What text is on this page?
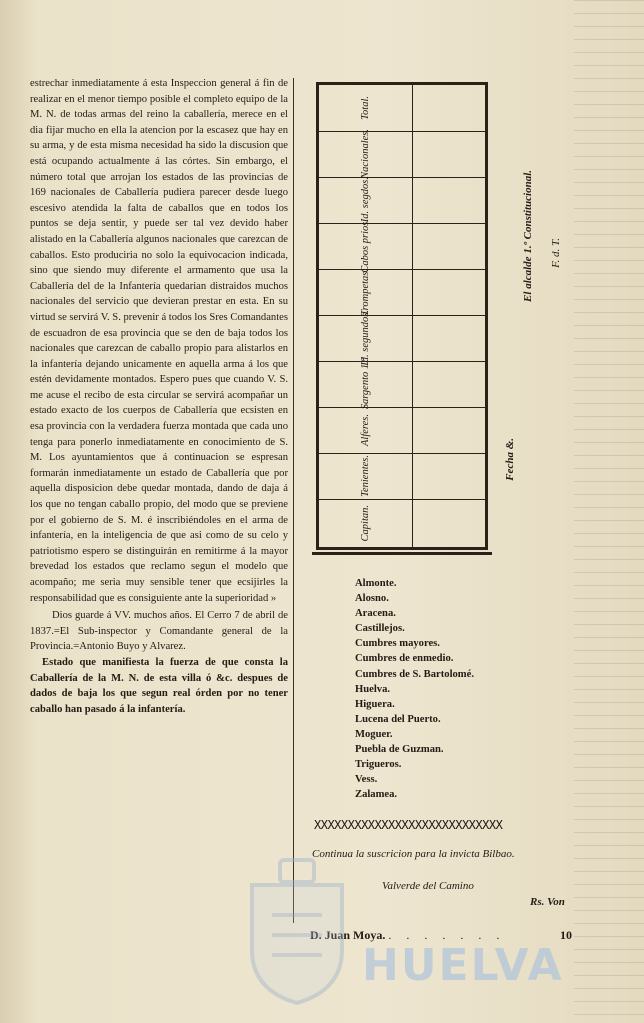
estrechar inmediatamente á esta Inspeccion general á fin de realizar en el menor tiempo posible el completo equipo de la M. N. de todas armas del reino la caballería, merece en el dia fijar mucho en ella la atencion por la escasez que hay en su arma, y de esta misma necesidad ha sido la discusion que está ocupando actualmente á las córtes. Sin embargo, el número total que arrojan los estados de las provincias de 169 nacionales de Caballería pudiera parecer desde luego escesivo atendida la falta de caballos que en todos los puntos se deja sentir, y puede ser tal vez devido haber alistado en la Caballería algunos nacionales que carezcan de caballos. Esto produciria no solo la equivocacion indicada, sino que siendo muy diferente el armamento que usa la Caballería del de la Infantería quedarian distraidos muchos nacionales del servicio que devieran prestar en esta. En su virtud se servirá V. S. prevenir á todos los Sres Comandantes de escuadron de esa provincia que se den de baja todos los nacionales que carezcan de caballo propio para alistarlos en la infantería dejando unicamente en aquella arma á los que estén devidamente montados. Espero pues que cuando V. S. me acuse el recibo de esta circular se servirá acompañar un estado exacto de los cuerpos de Caballería que ecsisten en esa provincia con la verdadera fuerza montada que cada uno tenga para ponerlo inmediatamente en conocimiento de S. M. Los ayuntamientos que á continuacion se espresan formarán inmediatamente un estado de Caballería que por aquella disposicion debe quedar montada, dando de daja á los que no tengan caballo propio, del modo que se previene por el gobierno de S. M. é inscribiéndoles en el arma de infantería, en la inteligencia de que asi como de su celo y patriotismo espero se distinguirán en remitirme á la mayor brevedad los estados que reclamo segun el modelo que acompaño; me seria muy sensible tener que ecsijirles la responsabilidad que es consiguiente ante la superioridad »

Dios guarde á VV. muchos años. El Cerro 7 de abril de 1837.=El Sub-inspector y Comandante general de la Provincia.=Antonio Buyo y Alvarez.

Estado que manifiesta la fuerza de que consta la Caballería de la M. N. de esta villa ó &c. despues de dados de baja los que segun real órden por no tener caballo han pasado á la infantería.

Total.
Nacionales.
Id. segdos.
Cabos prios.
Trompetas.
Id. segundos.
Sargento 1.º
Alferes.
Tenientes.
Capitan.
Fecha &.
El alcalde 1.º Constitucional. F. d. T.
Almonte.
Alosno.
Aracena.
Castillejos.
Cumbres mayores.
Cumbres de enmedio.
Cumbres de S. Bartolomé.
Huelva.
Higuera.
Lucena del Puerto.
Moguer.
Puebla de Guzman.
Trigueros.
Vess.
Zalamea.
XXXXXXXXXXXXXXXXXXXXXXXXXXXX
Continua la suscricion para la invicta Bilbao.
Valverde del Camino
Rs. Von
D. Juan Moya. . . . . . . .	10
HUELVA
